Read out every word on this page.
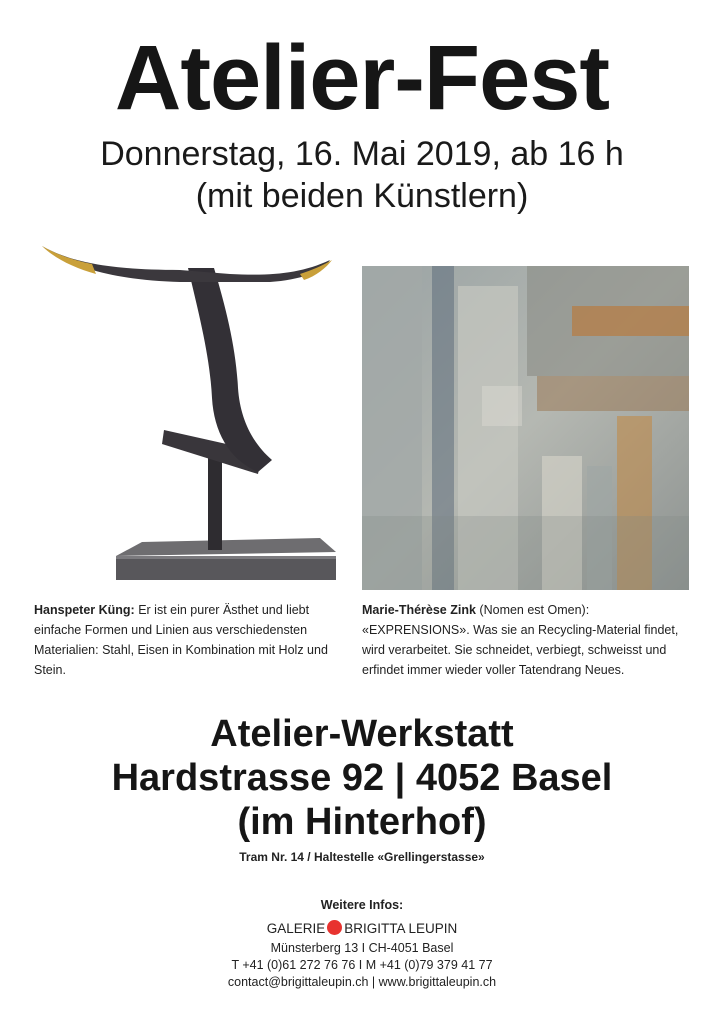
Atelier-Fest
Donnerstag, 16. Mai 2019, ab 16 h
(mit beiden Künstlern)
Hanspeter Küng: Er ist ein purer Ästhet und liebt einfache Formen und Linien aus verschiedensten Materialien: Stahl, Eisen in Kombination mit Holz und Stein.
Marie-Thérèse Zink (Nomen est Omen): «EXPRENSIONS». Was sie an Recycling-Material findet, wird verarbeitet. Sie schneidet, verbiegt, schweisst und erfindet immer wieder voller Tatendrang Neues.
Atelier-Werkstatt
Hardstrasse 92 | 4052 Basel
(im Hinterhof)
Tram Nr. 14 / Haltestelle «Grellingerstasse»
Weitere Infos:
GALERIE BRIGITTA LEUPIN
Münsterberg 13 I CH-4051 Basel
T +41 (0)61 272 76 76 I M +41 (0)79 379 41 77
contact@brigittaleupin.ch | www.brigittaleupin.ch
